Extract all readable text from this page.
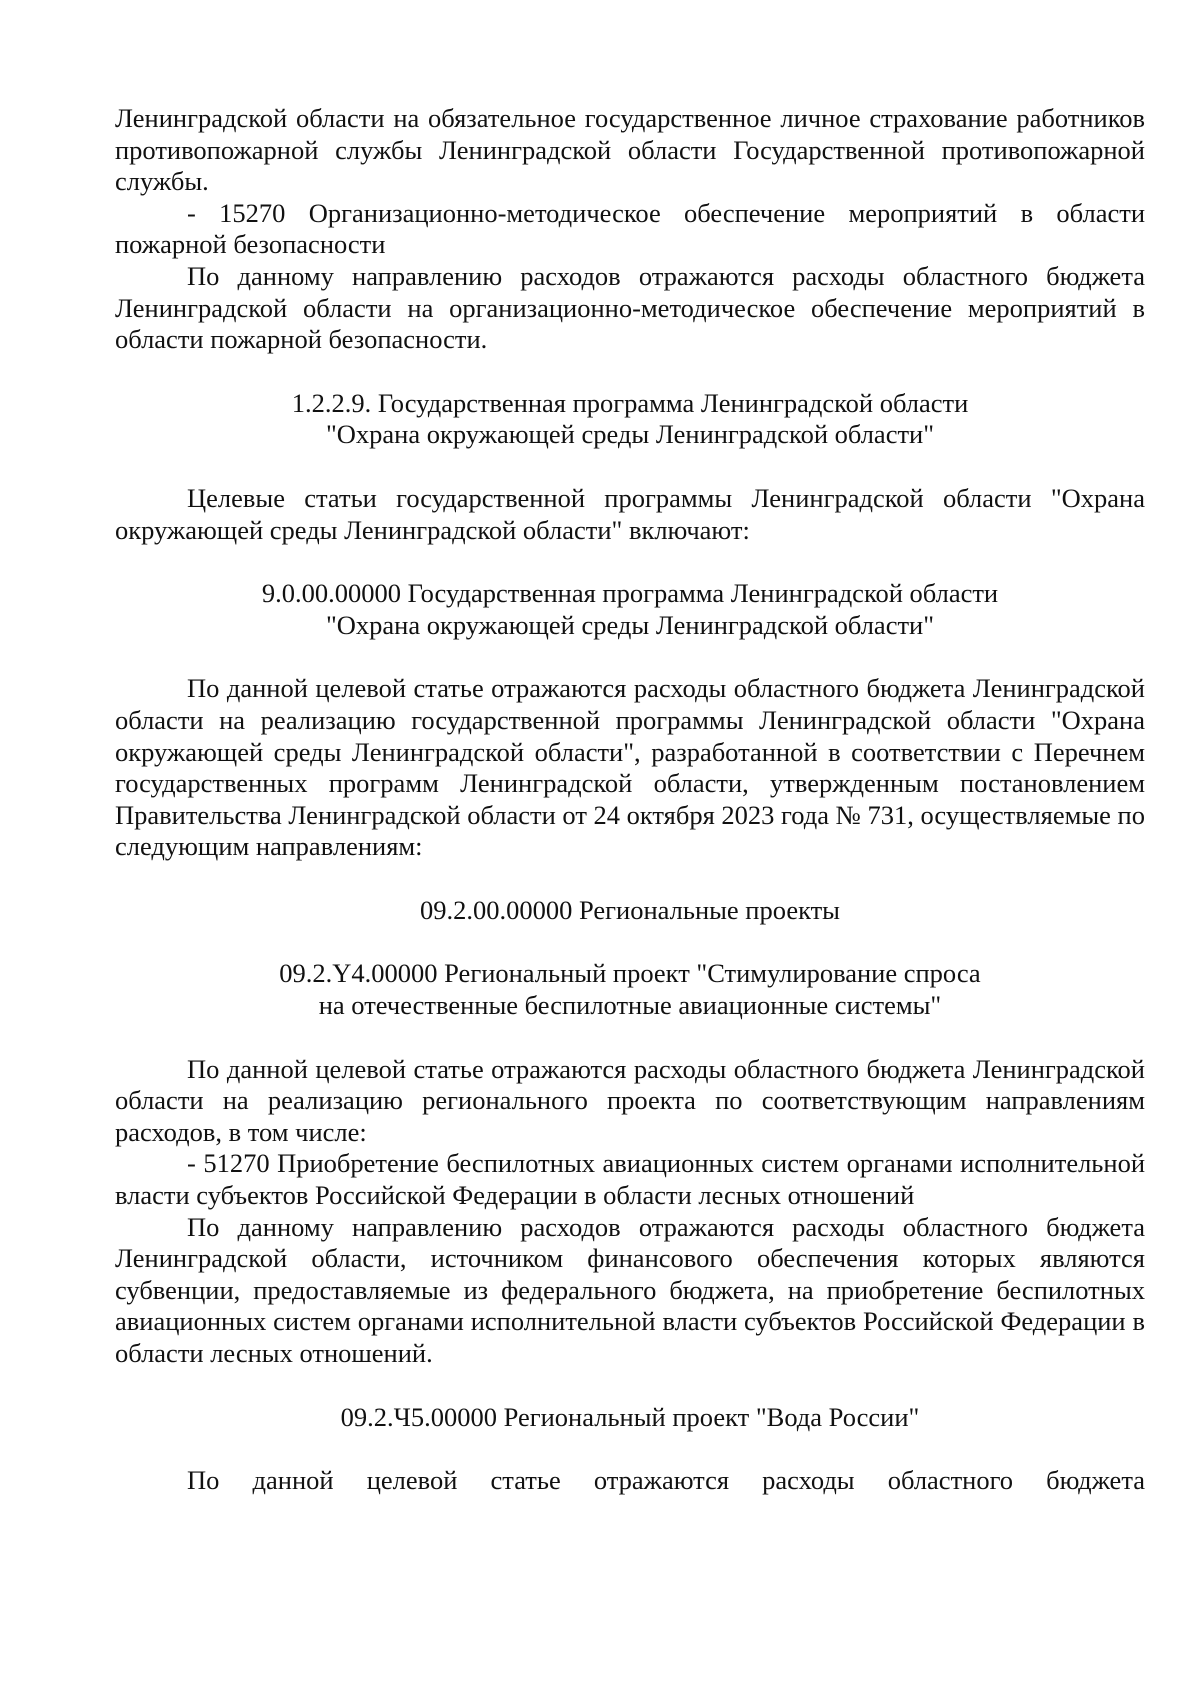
Ленинградской области на обязательное государственное личное страхование работников противопожарной службы Ленинградской области Государственной противопожарной службы.

- 15270 Организационно-методическое обеспечение мероприятий в области пожарной безопасности

По данному направлению расходов отражаются расходы областного бюджета Ленинградской области на организационно-методическое обеспечение мероприятий в области пожарной безопасности.

1.2.2.9. Государственная программа Ленинградской области

"Охрана окружающей среды Ленинградской области"

Целевые статьи государственной программы Ленинградской области "Охрана окружающей среды Ленинградской области" включают:

9.0.00.00000 Государственная программа Ленинградской области

"Охрана окружающей среды Ленинградской области"

По данной целевой статье отражаются расходы областного бюджета Ленинградской области на реализацию государственной программы Ленинградской области "Охрана окружающей среды Ленинградской области", разработанной в соответствии с Перечнем государственных программ Ленинградской области, утвержденным постановлением Правительства Ленинградской области от 24 октября 2023 года № 731, осуществляемые по следующим направлениям:

09.2.00.00000 Региональные проекты

09.2.Y4.00000 Региональный проект "Стимулирование спроса

на отечественные беспилотные авиационные системы"

По данной целевой статье отражаются расходы областного бюджета Ленинградской области на реализацию регионального проекта по соответствующим направлениям расходов, в том числе:

- 51270 Приобретение беспилотных авиационных систем органами исполнительной власти субъектов Российской Федерации в области лесных отношений

По данному направлению расходов отражаются расходы областного бюджета Ленинградской области, источником финансового обеспечения которых являются субвенции, предоставляемые из федерального бюджета, на приобретение беспилотных авиационных систем органами исполнительной власти субъектов Российской Федерации в области лесных отношений.

09.2.Ч5.00000 Региональный проект "Вода России"

По данной целевой статье отражаются расходы областного бюджета
